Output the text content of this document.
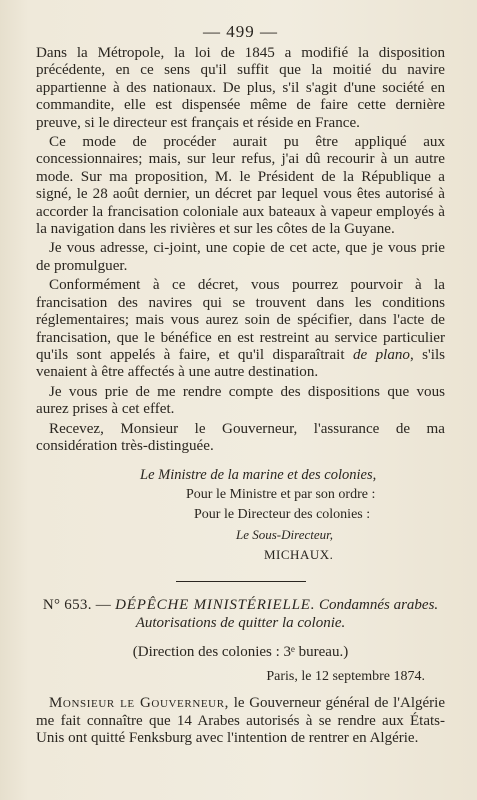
— 499 —

Dans la Métropole, la loi de 1845 a modifié la disposition précédente, en ce sens qu'il suffit que la moitié du navire appartienne à des nationaux. De plus, s'il s'agit d'une société en commandite, elle est dispensée même de faire cette dernière preuve, si le directeur est français et réside en France.

Ce mode de procéder aurait pu être appliqué aux concessionnaires; mais, sur leur refus, j'ai dû recourir à un autre mode. Sur ma proposition, M. le Président de la République a signé, le 28 août dernier, un décret par lequel vous êtes autorisé à accorder la francisation coloniale aux bateaux à vapeur employés à la navigation dans les rivières et sur les côtes de la Guyane.

Je vous adresse, ci-joint, une copie de cet acte, que je vous prie de promulguer.

Conformément à ce décret, vous pourrez pourvoir à la francisation des navires qui se trouvent dans les conditions réglementaires; mais vous aurez soin de spécifier, dans l'acte de francisation, que le bénéfice en est restreint au service particulier qu'ils sont appelés à faire, et qu'il disparaîtrait de plano, s'ils venaient à être affectés à une autre destination.

Je vous prie de me rendre compte des dispositions que vous aurez prises à cet effet.

Recevez, Monsieur le Gouverneur, l'assurance de ma considération très-distinguée.

Le Ministre de la marine et des colonies,
Pour le Ministre et par son ordre :
Pour le Directeur des colonies :
Le Sous-Directeur,
MICHAUX.
N° 653. — DÉPÊCHE MINISTÉRIELLE. Condamnés arabes. Autorisations de quitter la colonie.
(Direction des colonies : 3ᵉ bureau.)
Paris, le 12 septembre 1874.

Monsieur le Gouverneur, le Gouverneur général de l'Algérie me fait connaître que 14 Arabes autorisés à se rendre aux États-Unis ont quitté Fenksburg avec l'intention de rentrer en Algérie.
